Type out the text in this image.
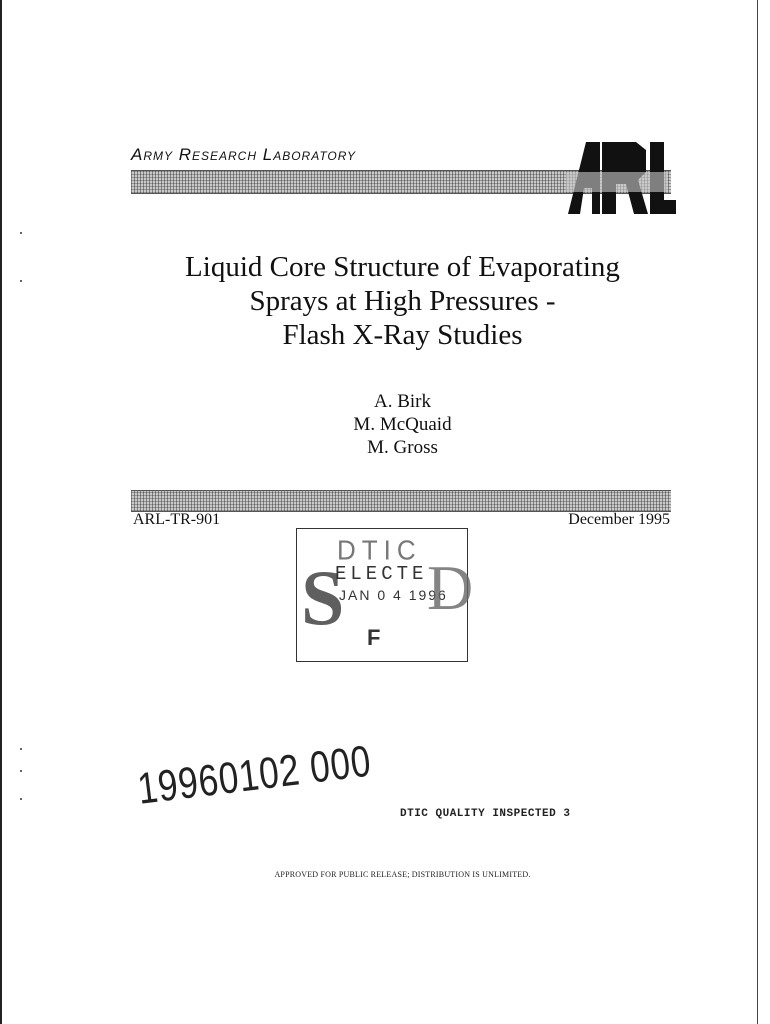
Army Research Laboratory
Liquid Core Structure of Evaporating
Sprays at High Pressures -
Flash X-Ray Studies
A. Birk
M. McQuaid
M. Gross
ARL-TR-901	December 1995
DTIC
S
ELECTE
JAN 0 4 1996
D
F
19960102 000
DTIC QUALITY INSPECTED 3
APPROVED FOR PUBLIC RELEASE; DISTRIBUTION IS UNLIMITED.
